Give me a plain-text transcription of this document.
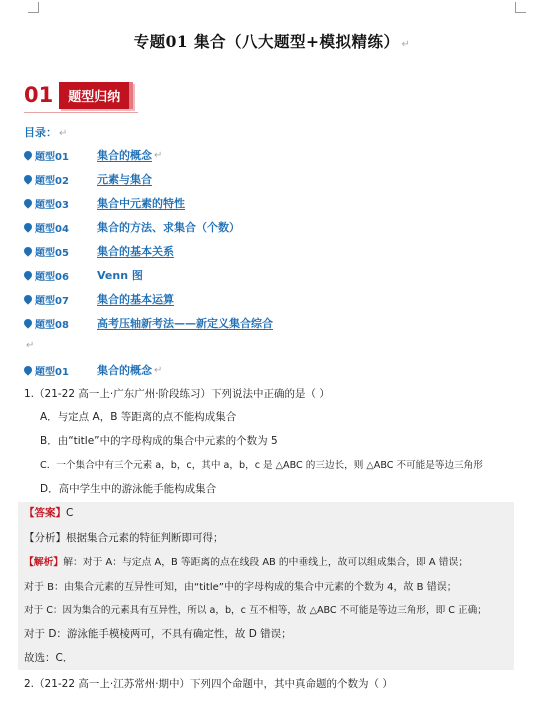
专题01 集合（八大题型+模拟精练） ↵
01	题型归纳
目录： ↵
题型01	集合的概念 ↵
题型02	元素与集合
题型03	集合中元素的特性
题型04	集合的方法、求集合（个数）
题型05	集合的基本关系
题型06	Venn 图
题型07	集合的基本运算
题型08	高考压轴新考法——新定义集合综合
↵
题型01	集合的概念 ↵
1.（21-22 高一上·广东广州·阶段练习）下列说法中正确的是（ ）
A．与定点 A，B 等距离的点不能构成集合
B．由“title”中的字母构成的集合中元素的个数为 5
C．一个集合中有三个元素 a，b，c，其中 a，b，c 是 △ABC 的三边长，则 △ABC 不可能是等边三角形
D．高中学生中的游泳能手能构成集合
【答案】C
【分析】根据集合元素的特征判断即可得；
【解析】解：对于 A：与定点 A，B 等距离的点在线段 AB 的中垂线上，故可以组成集合，即 A 错误；
对于 B：由集合元素的互异性可知，由“title”中的字母构成的集合中元素的个数为 4，故 B 错误；
对于 C：因为集合的元素具有互异性，所以 a，b，c 互不相等，故 △ABC 不可能是等边三角形，即 C 正确；
对于 D：游泳能手模棱两可，不具有确定性，故 D 错误；
故选：C．
2.（21-22 高一上·江苏常州·期中）下列四个命题中，其中真命题的个数为（ ）
